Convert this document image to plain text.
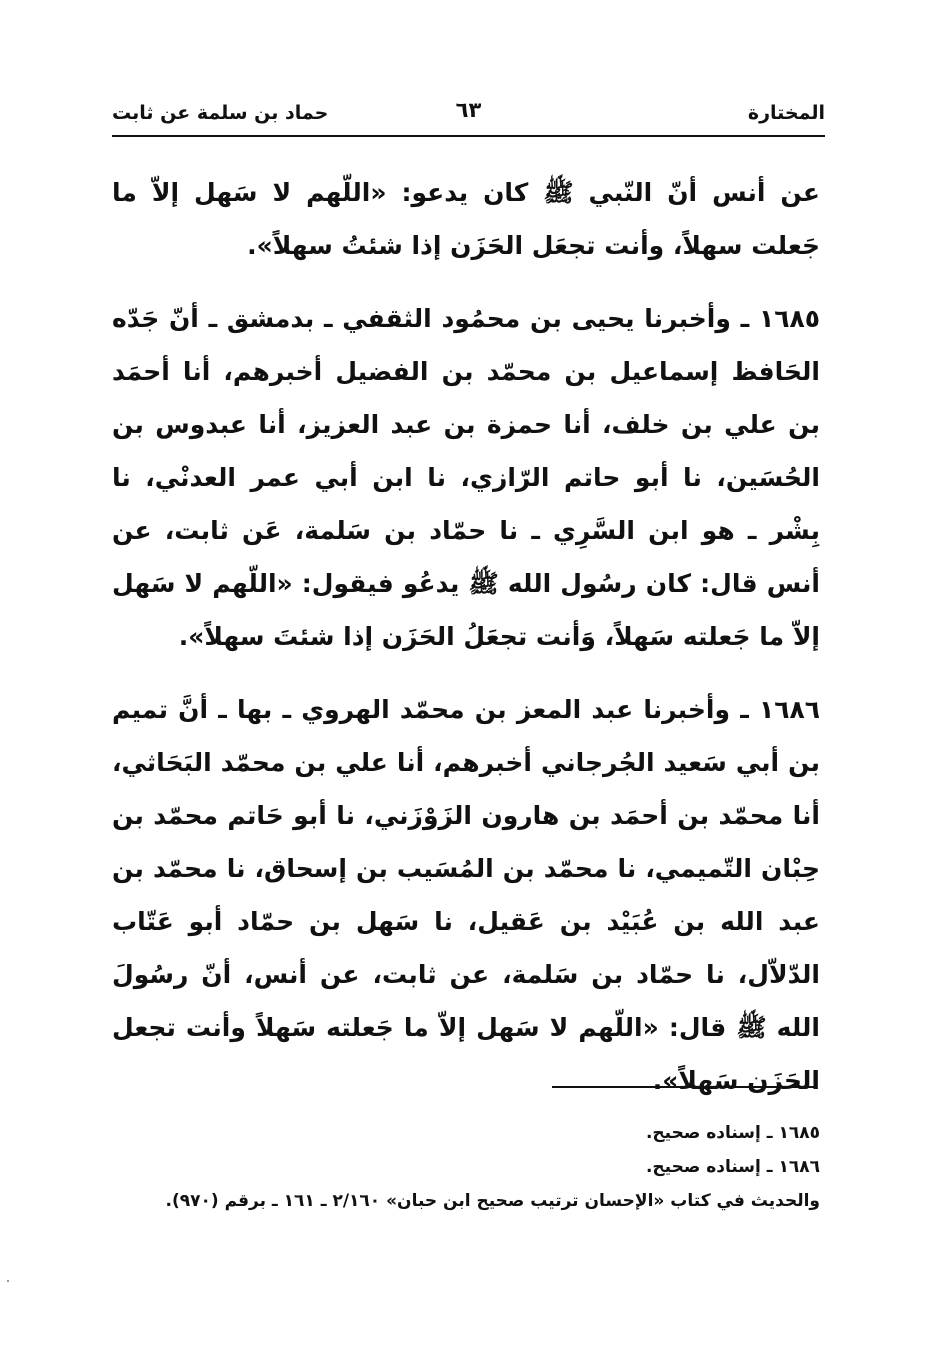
المختارة
٦٣
حماد بن سلمة عن ثابت

عن أنس أنّ النّبي ﷺ كان يدعو: «اللّهم لا سَهل إلاّ ما جَعلت سهلاً، وأنت تجعَل الحَزَن إذا شئتُ سهلاً».

١٦٨٥ ـ وأخبرنا يحيى بن محمُود الثقفي ـ بدمشق ـ أنّ جَدّه الحَافظ إسماعيل بن محمّد بن الفضيل أخبرهم، أنا أحمَد بن علي بن خلف، أنا حمزة بن عبد العزيز، أنا عبدوس بن الحُسَين، نا أبو حاتم الرّازي، نا ابن أبي عمر العدنْي، نا بِشْر ـ هو ابن السَّرِي ـ نا حمّاد بن سَلمة، عَن ثابت، عن أنس قال: كان رسُول الله ﷺ يدعُو فيقول: «اللّهم لا سَهل إلاّ ما جَعلته سَهلاً، وَأنت تجعَلُ الحَزَن إذا شئتَ سهلاً».

١٦٨٦ ـ وأخبرنا عبد المعز بن محمّد الهروي ـ بها ـ أنَّ تميم بن أبي سَعيد الجُرجاني أخبرهم، أنا علي بن محمّد البَحَاثي، أنا محمّد بن أحمَد بن هارون الزَوْزَني، نا أبو حَاتم محمّد بن حِبْان التّميمي، نا محمّد بن المُسَيب بن إسحاق، نا محمّد بن عبد الله بن عُبَيْد بن عَقيل، نا سَهل بن حمّاد أبو عَتّاب الدّلاّل، نا حمّاد بن سَلمة، عن ثابت، عن أنس، أنّ رسُولَ الله ﷺ قال: «اللّهم لا سَهل إلاّ ما جَعلته سَهلاً وأنت تجعل الحَزَن سَهلاً».

١٦٨٥ ـ إسناده صحيح.

١٦٨٦ ـ إسناده صحيح.

والحديث في كتاب «الإحسان ترتيب صحيح ابن حبان» ٢/١٦٠ ـ ١٦١ ـ برقم (٩٧٠).
